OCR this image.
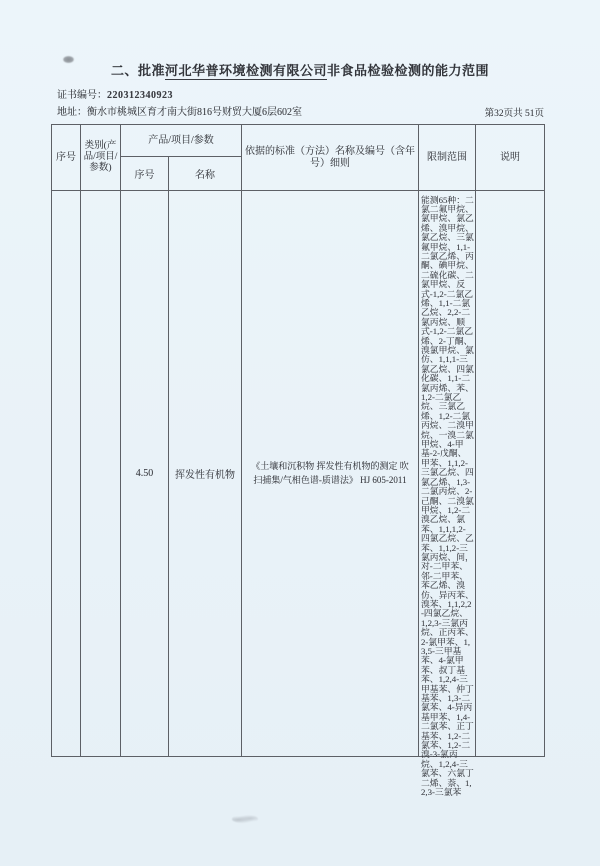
二、批准河北华普环境检测有限公司非食品检验检测的能力范围
证书编号：220312340923
地址：衡水市桃城区育才南大街816号财贸大厦6层602室	第32页共 51页
序号	类别(产品/项目/参数)	产品/项目/参数		依据的标准（方法）名称及编号（含年号）细则	限制范围	说明
		序号	名称			
		4.50	挥发性有机物	《土壤和沉积物 挥发性有机物的测定 吹扫捕集/气相色谱-质谱法》 HJ 605-2011	能测65种：二氯二氟甲烷、氯甲烷、氯乙烯、溴甲烷、氯乙烷、三氯氟甲烷、1,1-二氯乙烯、丙酮、碘甲烷、二硫化碳、二氯甲烷、反式-1,2-二氯乙烯、1,1-二氯乙烷、2,2-二氯丙烷、顺式-1,2-二氯乙烯、2-丁酮、溴氯甲烷、氯仿、1,1,1-三氯乙烷、四氯化碳、1,1-二氯丙烯、苯、1,2-二氯乙烷、三氯乙烯、1,2-二氯丙烷、二溴甲烷、一溴二氯甲烷、4-甲基-2-戊酮、甲苯、1,1,2-三氯乙烷、四氯乙烯、1,3-二氯丙烷、2-己酮、二溴氯甲烷、1,2-二溴乙烷、氯苯、1,1,1,2-四氯乙烷、乙苯、1,1,2-三氯丙烷、间，对-二甲苯、邻-二甲苯、苯乙烯、溴仿、异丙苯、溴苯、1,1,2,2-四氯乙烷、1,2,3-三氯丙烷、正丙苯、2-氯甲苯、1,3,5-三甲基苯、4-氯甲苯、叔丁基苯、1,2,4-三甲基苯、仲丁基苯、1,3-二氯苯、4-异丙基甲苯、1,4-二氯苯、正丁基苯、1,2-二氯苯、1,2-二溴-3-氯丙烷、1,2,4-三氯苯、六氯丁二烯、萘、1,2,3-三氯苯	
